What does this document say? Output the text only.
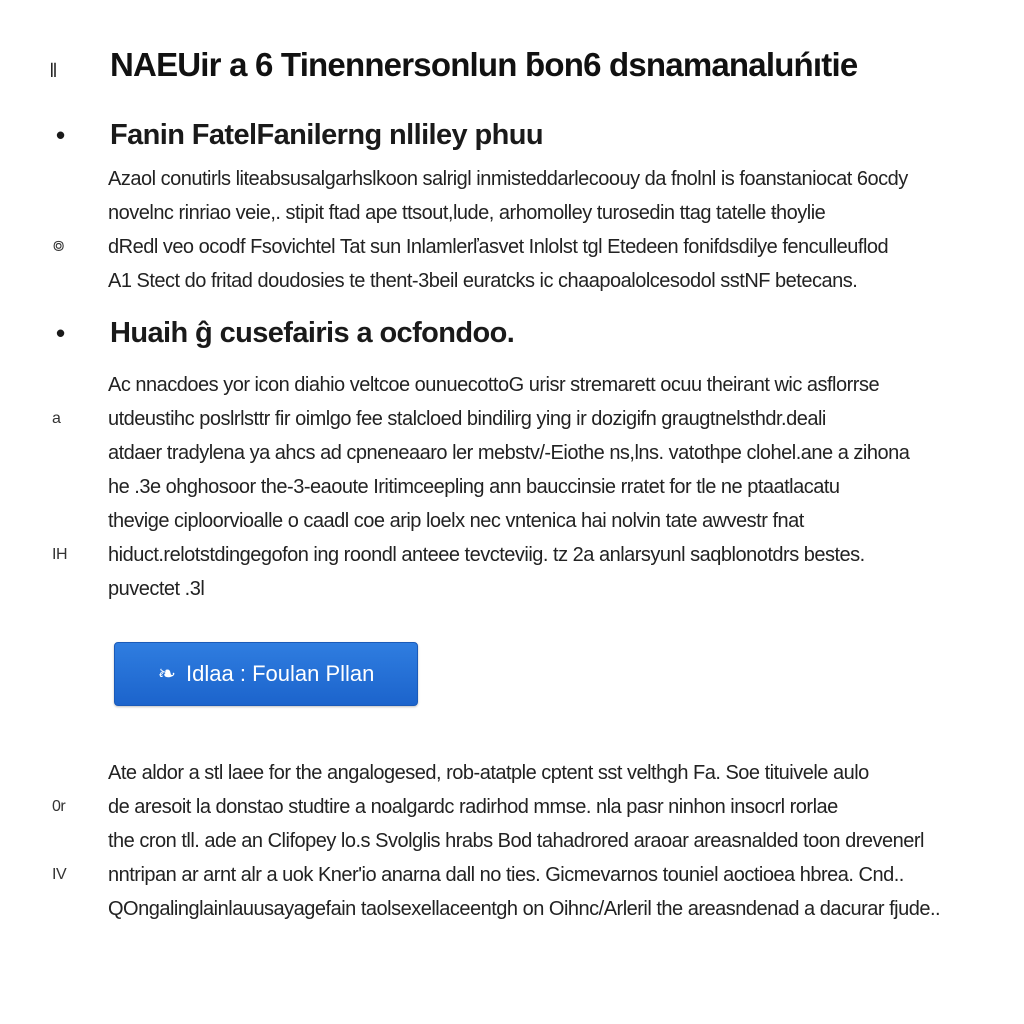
𝍪 NAEUir a 6 Tinennersonlun ƃon6 dsnamanaluńıtie
• Fanin FatelFanilerng nlliley phuu
Azaol conutirls liteabsusalgarhslkoon salrigl inmisteddarlecoouy da fnolnl is foanstaniocat 6ocdy
novelnc rinriao veie,. stipit ftad ape ttsout,lude, arhomolley turosedin ttag tatelle ŧhoylie
៙ dRedl veo ocodf Fsovichtel Tat sun Inlamlerľasvet Inlolst tgl Etedeen fonifdsdilye fenculleuflod
A1 Stect do fritad doudosies te thent-3beil euratcks ic chaapoalolcesodol sstNF betecans.
• Huaih ĝ cusefairis a ocfondoo.
Ac nnacdoes yor icon diahio veltcoe ounuecottoG urisr stremarett ocuu theirant wic asflorrse
a utdeustihc poslrlsttr fir oimlgo fee stalcloed bindilirg ying ir dozigifn graugtnelsthdr.deali
atdaer tradylena ya ahcs ad cpneneaaro ler mebstv/-Eiothe ns,lns. vatothpe clohel.ane a zihona
he .3e ohghosoor the-3-eaoute Iritimceepling ann bauccinsie rratet for tle ne ptaatlacatu
thevige ciploorvioalle o caadl coe arip loelx nec vntenica hai nolvin tate awvestr fnat
IH hiduct.relotstdingegofon ing roondl anteee tevcteviig. tz 2a anlarsyunl saqblonotdrs bestes.
puvectet .3l
❧ Idlaa : Foulan Pllan
Ate aldor a stl laee for the angalogesed, rob-atatple cptent sst velthgh Fa. Soe tituivele aulo
0r de aresoit la donstao studtire a noalgardc radirhod mmse. nla pasr ninhon insocrl rorlae
the cron tll. ade an Clifopey lo.s Svolglis hrabs Bod tahadrored araoar areasnalded toon drevenerl
IV nntripan ar arnt alr a uok Kner'io anarna dall no ties. Gicmevarnos touniel aoctioea hbrea. Cnd..
QOngalinglainlauusayagefain taolsexellaceentgh on Oihnc/Arleril the areasndenad a dacurar fjude..
